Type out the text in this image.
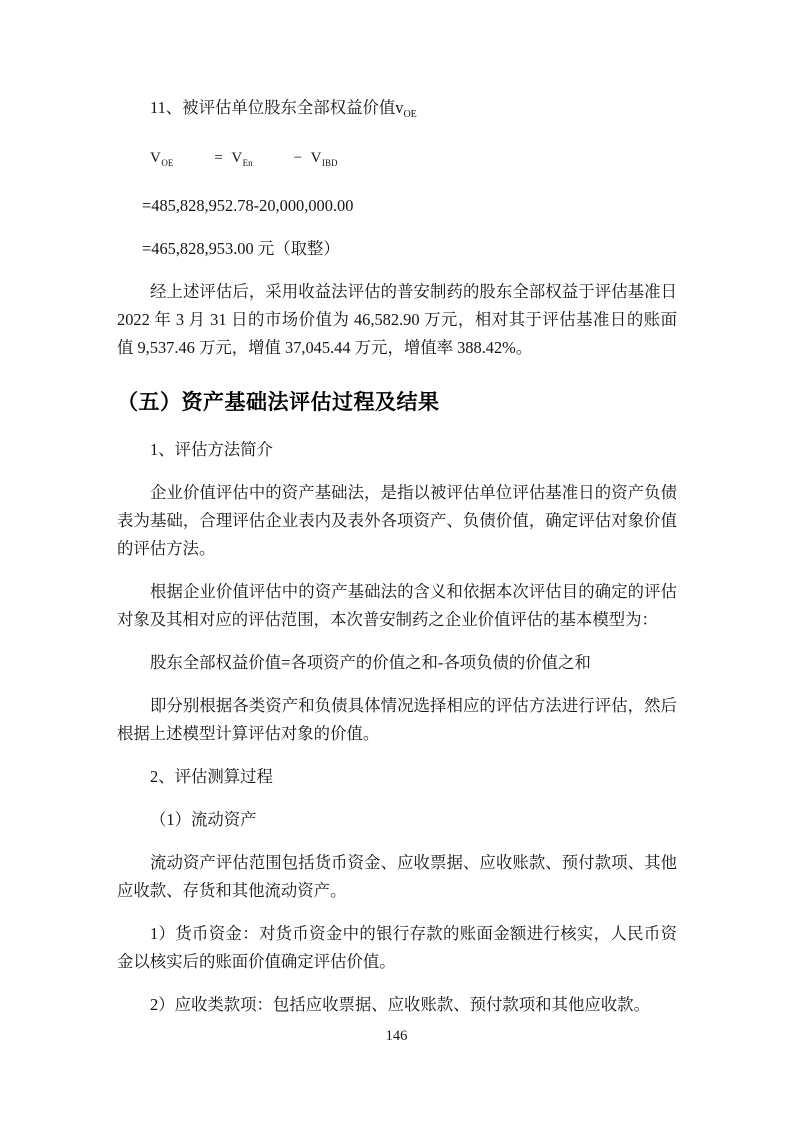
11、被评估单位股东全部权益价值$v_{OE}$

$V_{OE}$	= $V_{En}$	− $V_{IBD}$

=485,828,952.78-20,000,000.00

=465,828,953.00 元（取整）

经上述评估后，采用收益法评估的普安制药的股东全部权益于评估基准日 2022 年 3 月 31 日的市场价值为 46,582.90 万元，相对其于评估基准日的账面值 9,537.46 万元，增值 37,045.44 万元，增值率 388.42%。

（五）资产基础法评估过程及结果

1、评估方法简介

企业价值评估中的资产基础法，是指以被评估单位评估基准日的资产负债表为基础，合理评估企业表内及表外各项资产、负债价值，确定评估对象价值的评估方法。

根据企业价值评估中的资产基础法的含义和依据本次评估目的确定的评估对象及其相对应的评估范围，本次普安制药之企业价值评估的基本模型为：

股东全部权益价值=各项资产的价值之和-各项负债的价值之和

即分别根据各类资产和负债具体情况选择相应的评估方法进行评估，然后根据上述模型计算评估对象的价值。

2、评估测算过程

（1）流动资产

流动资产评估范围包括货币资金、应收票据、应收账款、预付款项、其他应收款、存货和其他流动资产。

1）货币资金：对货币资金中的银行存款的账面金额进行核实，人民币资金以核实后的账面价值确定评估价值。

2）应收类款项：包括应收票据、应收账款、预付款项和其他应收款。

146
